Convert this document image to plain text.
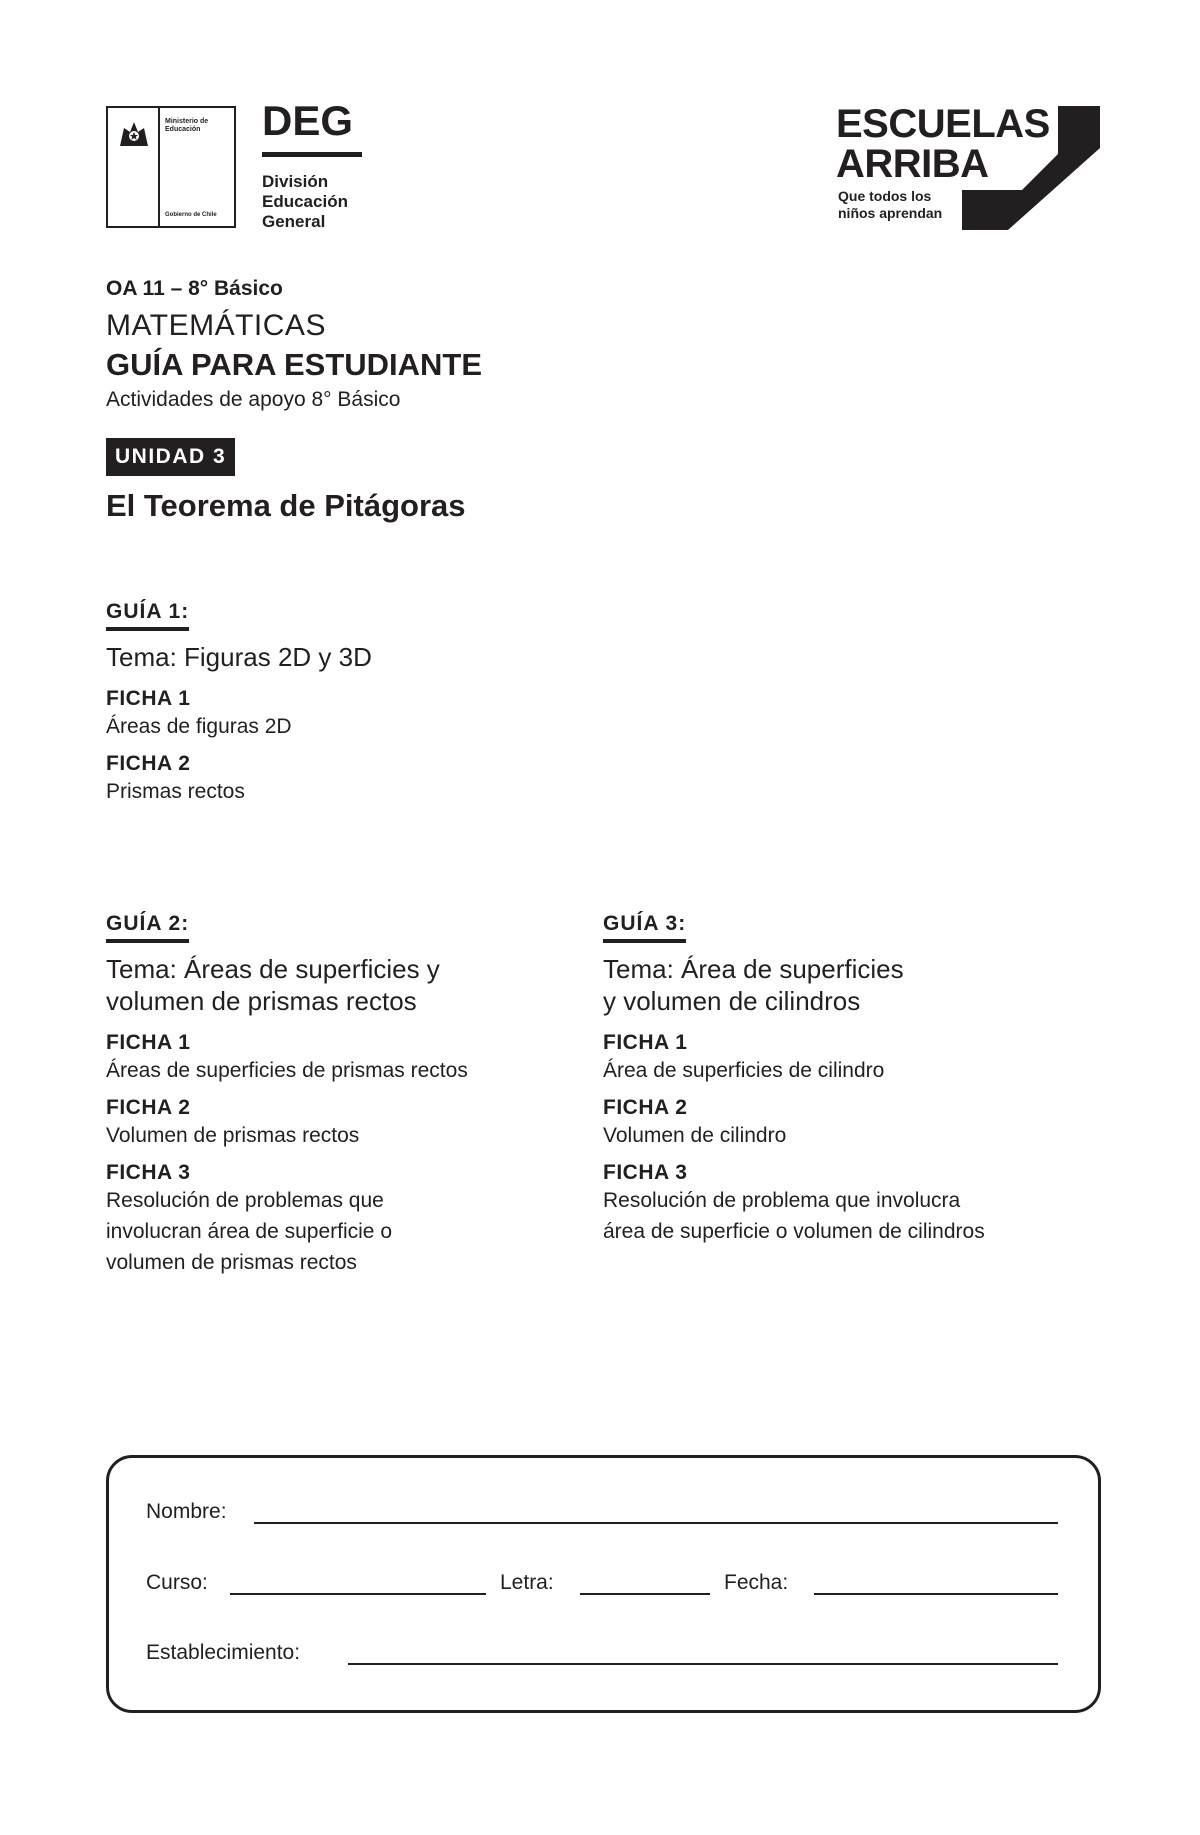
Ministerio de Educación
Gobierno de Chile
DEG
División
Educación
General
ESCUELAS
ARRIBA
Que todos los
niños aprendan
OA 11 – 8° Básico
MATEMÁTICAS
GUÍA PARA ESTUDIANTE
Actividades de apoyo 8° Básico
UNIDAD 3
El Teorema de Pitágoras
GUÍA 1:
Tema: Figuras 2D y 3D
FICHA 1
Áreas de figuras 2D
FICHA 2
Prismas rectos
GUÍA 2:
Tema: Áreas de superficies y
volumen de prismas rectos
FICHA 1
Áreas de superficies de prismas rectos
FICHA 2
Volumen de prismas rectos
FICHA 3
Resolución de problemas que
involucran área de superficie o
volumen de prismas rectos
GUÍA 3:
Tema: Área de superficies
y volumen de cilindros
FICHA 1
Área de superficies de cilindro
FICHA 2
Volumen de cilindro
FICHA 3
Resolución de problema que involucra
área de superficie o volumen de cilindros
Nombre:
Curso:	Letra:	Fecha:
Establecimiento:
